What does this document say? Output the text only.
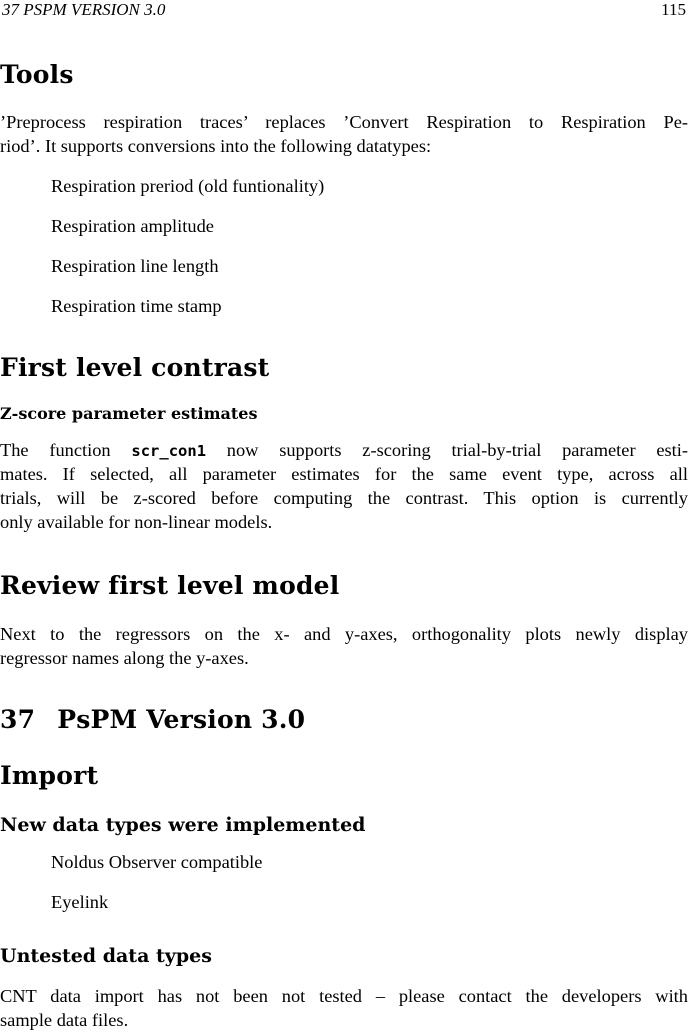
37 PSPM VERSION 3.0	115
Tools
’Preprocess respiration traces’ replaces ’Convert Respiration to Respiration Pe-
riod’. It supports conversions into the following datatypes:
Respiration preriod (old funtionality)
Respiration amplitude
Respiration line length
Respiration time stamp
First level contrast
Z-score parameter estimates
The function scr_con1 now supports z-scoring trial-by-trial parameter esti-
mates. If selected, all parameter estimates for the same event type, across all
trials, will be z-scored before computing the contrast. This option is currently
only available for non-linear models.
Review first level model
Next to the regressors on the x- and y-axes, orthogonality plots newly display
regressor names along the y-axes.
37 PsPM Version 3.0
Import
New data types were implemented
Noldus Observer compatible
Eyelink
Untested data types
CNT data import has not been not tested – please contact the developers with
sample data files.
